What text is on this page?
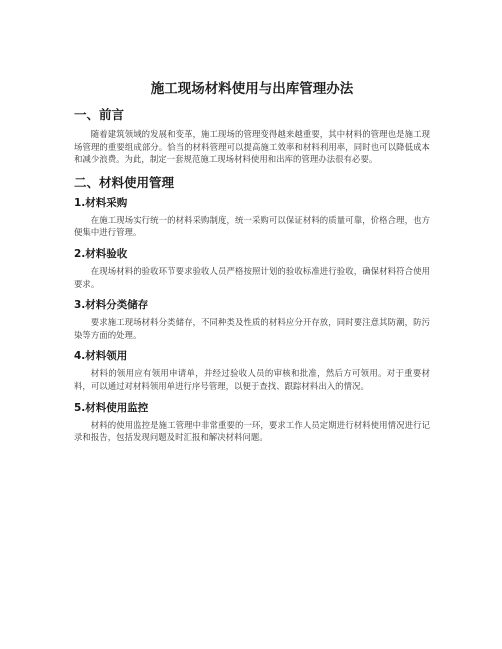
施工现场材料使用与出库管理办法
一、前言

随着建筑领域的发展和变革，施工现场的管理变得越来越重要，其中材料的管理也是施工现场管理的重要组成部分。恰当的材料管理可以提高施工效率和材料利用率，同时也可以降低成本和减少浪费。为此，制定一套规范施工现场材料使用和出库的管理办法很有必要。

二、材料使用管理
1.材料采购

在施工现场实行统一的材料采购制度，统一采购可以保证材料的质量可靠，价格合理，也方便集中进行管理。

2.材料验收

在现场材料的验收环节要求验收人员严格按照计划的验收标准进行验收，确保材料符合使用要求。

3.材料分类储存

要求施工现场材料分类储存，不同种类及性质的材料应分开存放，同时要注意其防潮，防污染等方面的处理。

4.材料领用

材料的领用应有领用申请单，并经过验收人员的审核和批准，然后方可领用。对于重要材料，可以通过对材料领用单进行序号管理，以便于查找、跟踪材料出入的情况。

5.材料使用监控

材料的使用监控是施工管理中非常重要的一环，要求工作人员定期进行材料使用情况进行记录和报告，包括发现问题及时汇报和解决材料问题。
